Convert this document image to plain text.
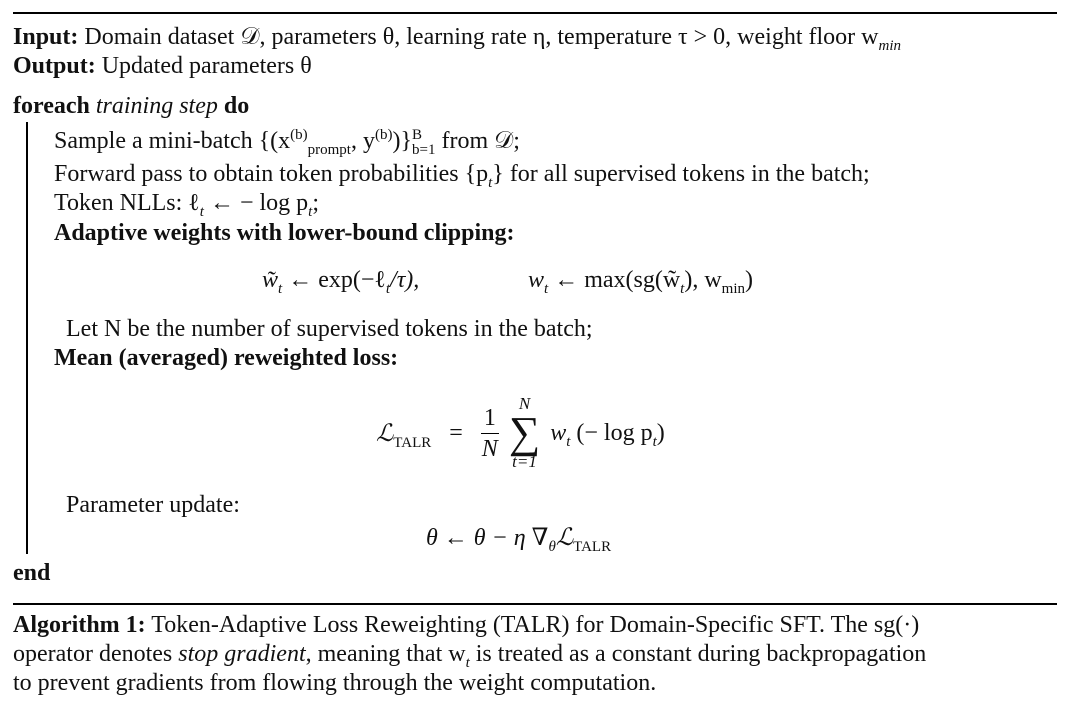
Input: Domain dataset 𝒟, parameters θ, learning rate η, temperature τ > 0, weight floor $w_{min}$
Output: Updated parameters θ
foreach training step do
Sample a mini-batch {($x^{(b)}_{prompt}$, $y^{(b)})\}^B_{b=1}$ from 𝒟;
Forward pass to obtain token probabilities $\{p_t\}$ for all supervised tokens in the batch;
Token NLLs: ℓ$_t$ ← − $\log p_t$;
Adaptive weights with lower-bound clipping:
$w̃_t$ ← exp(−ℓ$_t$/τ),	$w_t$ ← $\max(sg(w̃_t)$, $w_{min}$)
Let N be the number of supervised tokens in the batch;
Mean (averaged) reweighted loss:
ℒ$_{TALR}$ = $\frac{1}{N}$	N
∑
t=1
$w_t$ (− $\log p_t$)
Parameter update:
θ ← θ − η $\nabla_\theta ℒ_{TALR}$
end
Algorithm 1: Token-Adaptive Loss Reweighting (TALR) for Domain-Specific SFT. The sg(·)
operator denotes stop gradient, meaning that $w_t$ is treated as a constant during backpropagation
to prevent gradients from flowing through the weight computation.
